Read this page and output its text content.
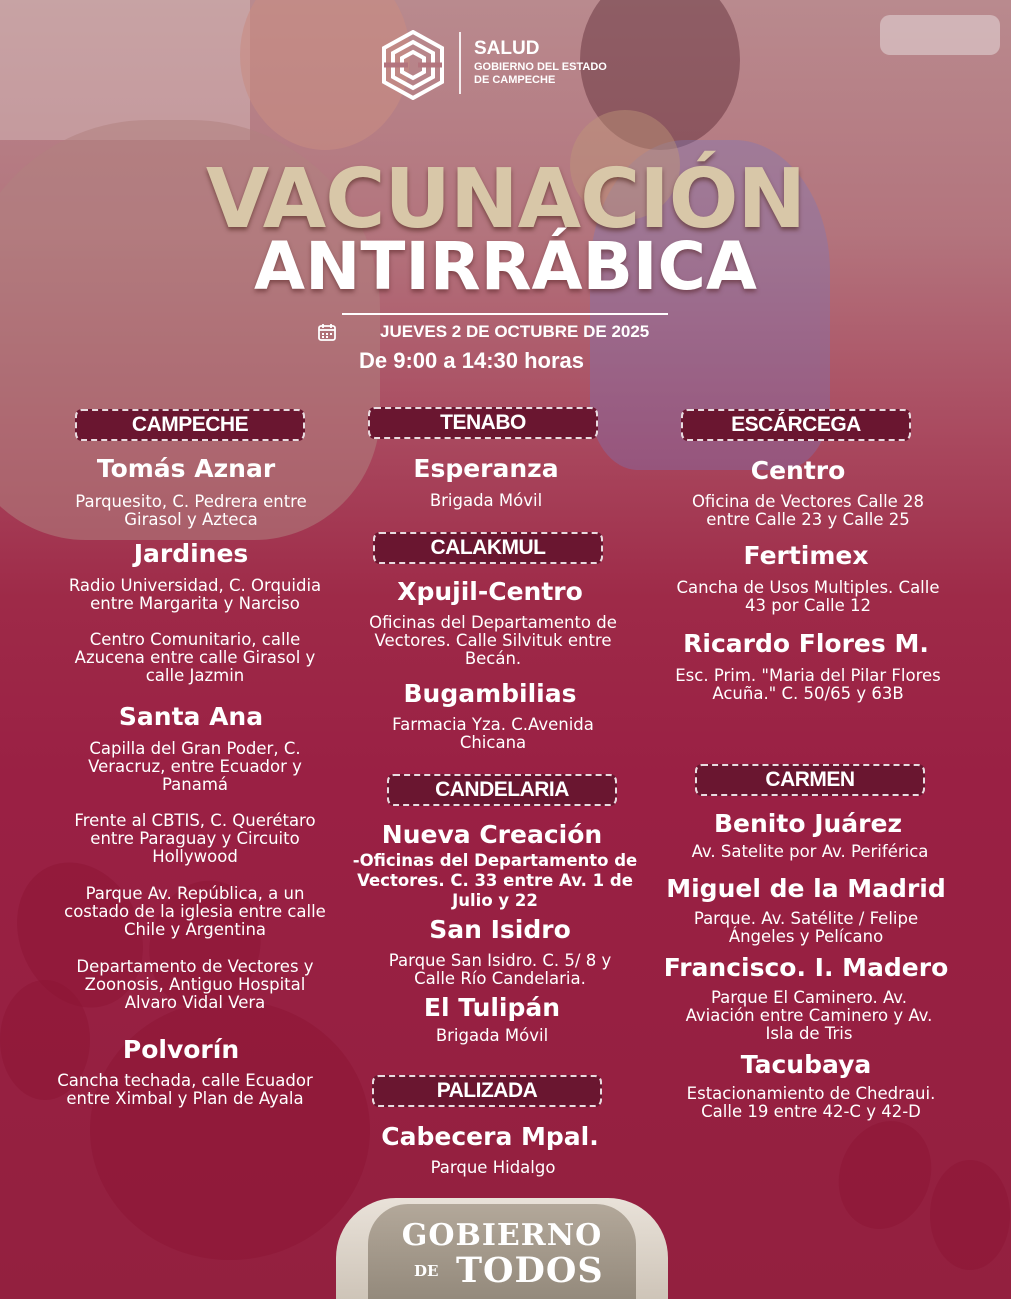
SALUD
GOBIERNO DEL ESTADO
DE CAMPECHE
VACUNACIÓN
ANTIRRÁBICA
JUEVES 2 DE OCTUBRE DE 2025
De 9:00 a 14:30 horas
CAMPECHE
Tomás Aznar
Parquesito, C. Pedrera entre
Girasol y Azteca
Jardines
Radio Universidad, C. Orquidia
entre Margarita y Narciso
Centro Comunitario, calle
Azucena entre calle Girasol y
calle Jazmin
Santa Ana
Capilla del Gran Poder, C.
Veracruz, entre Ecuador y
Panamá
Frente al CBTIS, C. Querétaro
entre Paraguay y Circuito
Hollywood
Parque Av. República, a un
costado de la iglesia entre calle
Chile y Argentina
Departamento de Vectores y
Zoonosis, Antiguo Hospital
Alvaro Vidal Vera
Polvorín
Cancha techada, calle Ecuador
entre Ximbal y Plan de Ayala
TENABO
Esperanza
Brigada Móvil
CALAKMUL
Xpujil-Centro
Oficinas del Departamento de
Vectores. Calle Silvituk entre
Becán.
Bugambilias
Farmacia Yza. C.Avenida
Chicana
CANDELARIA
Nueva Creación
-Oficinas del Departamento de
Vectores. C. 33 entre Av. 1 de
Julio y 22
San Isidro
Parque San Isidro. C. 5/ 8 y
Calle Río Candelaria.
El Tulipán
Brigada Móvil
PALIZADA
Cabecera Mpal.
Parque Hidalgo
ESCÁRCEGA
Centro
Oficina de Vectores Calle 28
entre Calle 23 y Calle 25
Fertimex
Cancha de Usos Multiples. Calle
43 por Calle 12
Ricardo Flores M.
Esc. Prim. "Maria del Pilar Flores
Acuña." C. 50/65 y 63B
CARMEN
Benito Juárez
Av. Satelite por Av. Periférica
Miguel de la Madrid
Parque. Av. Satélite / Felipe
Ángeles y Pelícano
Francisco. I. Madero
Parque El Caminero. Av.
Aviación entre Caminero y Av.
Isla de Tris
Tacubaya
Estacionamiento de Chedraui.
Calle 19 entre 42-C y 42-D
GOBIERNO
DE TODOS
